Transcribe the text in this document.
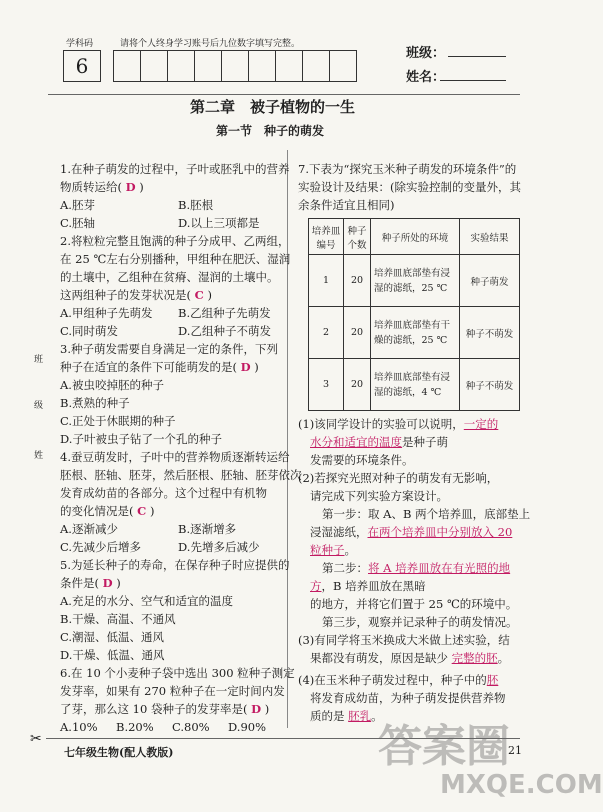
答案圈
MXQE.COM
学科码	请将个人终身学习账号后九位数字填写完整。
6
班级：
姓名：
第二章　被子植物的一生
第一节　种子的萌发
班
级
姓
1.在种子萌发的过程中，子叶或胚乳中的营养
物质转运给( D )
A.胚芽	B.胚根
C.胚轴	D.以上三项都是
2.将粒粒完整且饱满的种子分成甲、乙两组，
在 25 ℃左右分别播种，甲组种在肥沃、湿润
的土壤中，乙组种在贫瘠、湿润的土壤中。
这两组种子的发芽状况是( C )
A.甲组种子先萌发	B.乙组种子先萌发
C.同时萌发	D.乙组种子不萌发
3.种子萌发需要自身满足一定的条件，下列
种子在适宜的条件下可能萌发的是( D )
A.被虫咬掉胚的种子
B.煮熟的种子
C.正处于休眠期的种子
D.子叶被虫子钻了一个孔的种子
4.蚕豆萌发时，子叶中的营养物质逐渐转运给
胚根、胚轴、胚芽，然后胚根、胚轴、胚芽依次
发育成幼苗的各部分。这个过程中有机物
的变化情况是( C )
A.逐渐减少	B.逐渐增多
C.先减少后增多	D.先增多后减少
5.为延长种子的寿命，在保存种子时应提供的
条件是( D )
A.充足的水分、空气和适宜的温度
B.干燥、高温、不通风
C.潮湿、低温、通风
D.干燥、低温、通风
6.在 10 个小麦种子袋中选出 300 粒种子测定
发芽率，如果有 270 粒种子在一定时间内发
了芽，那么这 10 袋种子的发芽率是( D )
A.10%	B.20%	C.80%	D.90%
7.下表为“探究玉米种子萌发的环境条件”的
实验设计及结果：(除实验控制的变量外，其
余条件适宜且相同)
培养皿编号	种子个数	种子所处的环境	实验结果
1	20	培养皿底部垫有浸湿的滤纸，25 ℃	种子萌发
2	20	培养皿底部垫有干燥的滤纸，25 ℃	种子不萌发
3	20	培养皿底部垫有浸湿的滤纸，4 ℃	种子不萌发
(1)该同学设计的实验可以说明，一定的
水分和适宜的温度是种子萌
发需要的环境条件。
(2)若探究光照对种子的萌发有无影响，
请完成下列实验方案设计。
第一步：取 A、B 两个培养皿，底部垫上
浸湿滤纸，在两个培养皿中分别放入 20
粒种子。
第二步：将 A 培养皿放在有光照的地
方，B 培养皿放在黑暗
的地方，并将它们置于 25 ℃的环境中。
第三步，观察并记录种子的萌发情况。
(3)有同学将玉米换成大米做上述实验，结
果都没有萌发，原因是缺少 完整的胚。
(4)在玉米种子萌发过程中，种子中的胚
将发育成幼苗，为种子萌发提供营养物
质的是 胚乳。
✂
七年级生物(配人教版)	21
